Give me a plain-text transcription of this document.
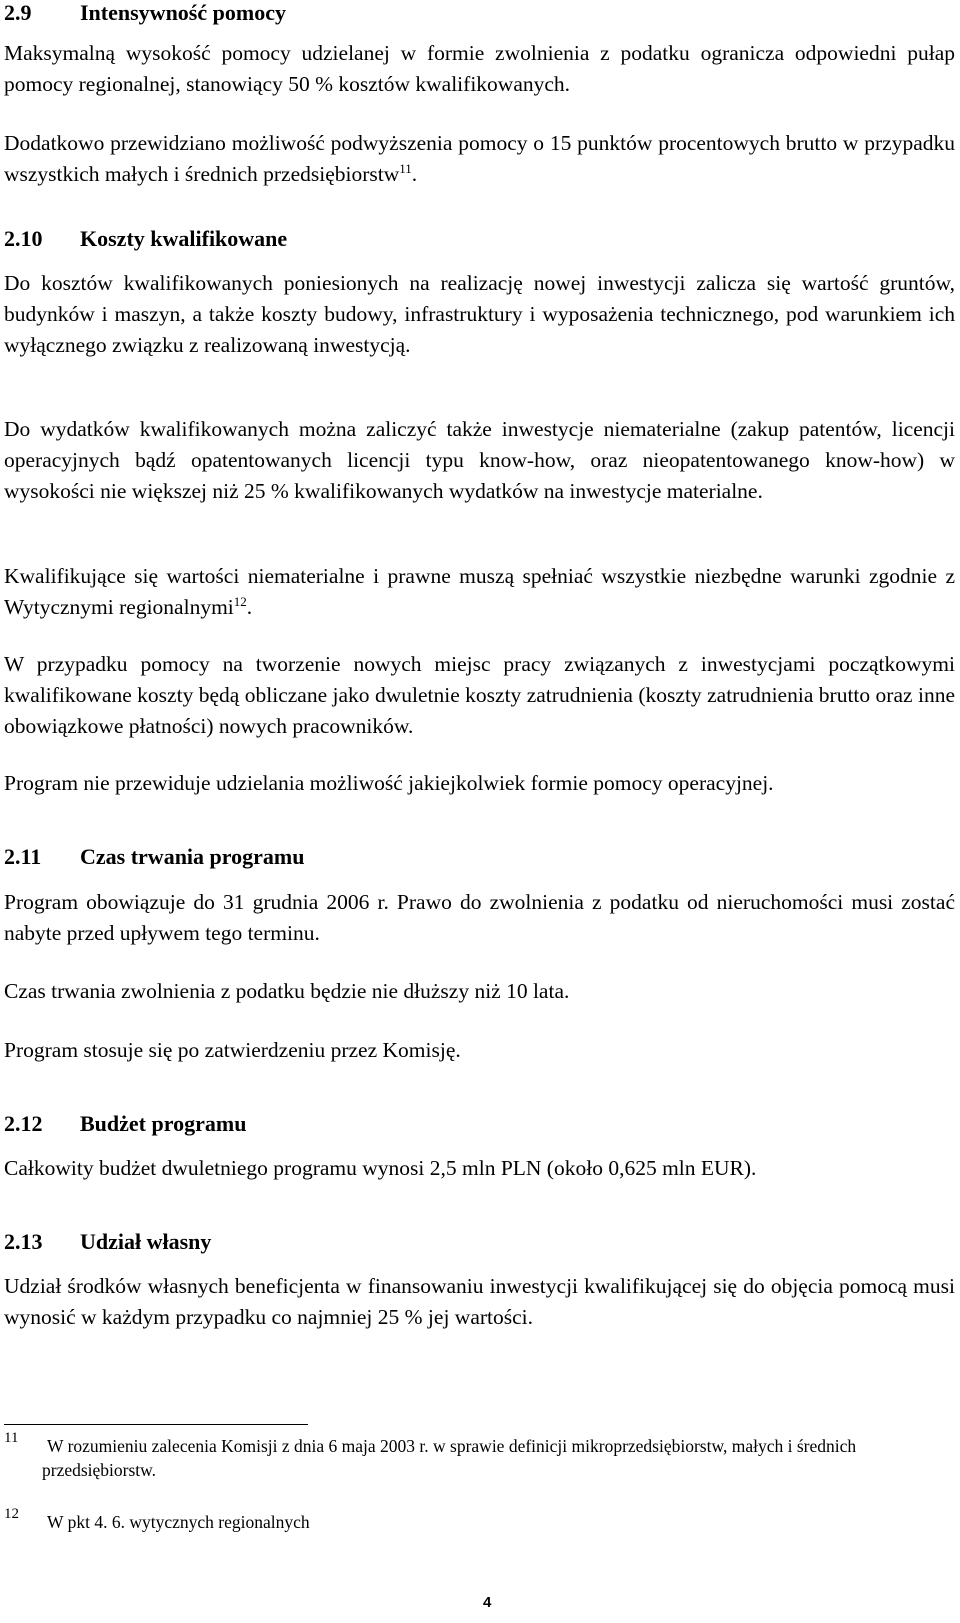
2.9 Intensywność pomocy

Maksymalną wysokość pomocy udzielanej w formie zwolnienia z podatku ogranicza odpowiedni pułap pomocy regionalnej, stanowiący 50 % kosztów kwalifikowanych.

Dodatkowo przewidziano możliwość podwyższenia pomocy o 15 punktów procentowych brutto w przypadku wszystkich małych i średnich przedsiębiorstw$^{11}$.

2.10 Koszty kwalifikowane

Do kosztów kwalifikowanych poniesionych na realizację nowej inwestycji zalicza się wartość gruntów, budynków i maszyn, a także koszty budowy, infrastruktury i wyposażenia technicznego, pod warunkiem ich wyłącznego związku z realizowaną inwestycją.

Do wydatków kwalifikowanych można zaliczyć także inwestycje niematerialne (zakup patentów, licencji operacyjnych bądź opatentowanych licencji typu know-how, oraz nieopatentowanego know-how) w wysokości nie większej niż 25 % kwalifikowanych wydatków na inwestycje materialne.

Kwalifikujące się wartości niematerialne i prawne muszą spełniać wszystkie niezbędne warunki zgodnie z Wytycznymi regionalnymi$^{12}$.

W przypadku pomocy na tworzenie nowych miejsc pracy związanych z inwestycjami początkowymi kwalifikowane koszty będą obliczane jako dwuletnie koszty zatrudnienia (koszty zatrudnienia brutto oraz inne obowiązkowe płatności) nowych pracowników.

Program nie przewiduje udzielania możliwość jakiejkolwiek formie pomocy operacyjnej.

2.11 Czas trwania programu

Program obowiązuje do 31 grudnia 2006 r. Prawo do zwolnienia z podatku od nieruchomości musi zostać nabyte przed upływem tego terminu.

Czas trwania zwolnienia z podatku będzie nie dłuższy niż 10 lata.

Program stosuje się po zatwierdzeniu przez Komisję.

2.12 Budżet programu

Całkowity budżet dwuletniego programu wynosi 2,5 mln PLN (około 0,625 mln EUR).

2.13 Udział własny

Udział środków własnych beneficjenta w finansowaniu inwestycji kwalifikującej się do objęcia pomocą musi wynosić w każdym przypadku co najmniej 25 % jej wartości.

11	W rozumieniu zalecenia Komisji z dnia 6 maja 2003 r. w sprawie definicji mikroprzedsiębiorstw, małych i średnich przedsiębiorstw.
12	W pkt 4. 6. wytycznych regionalnych
4
